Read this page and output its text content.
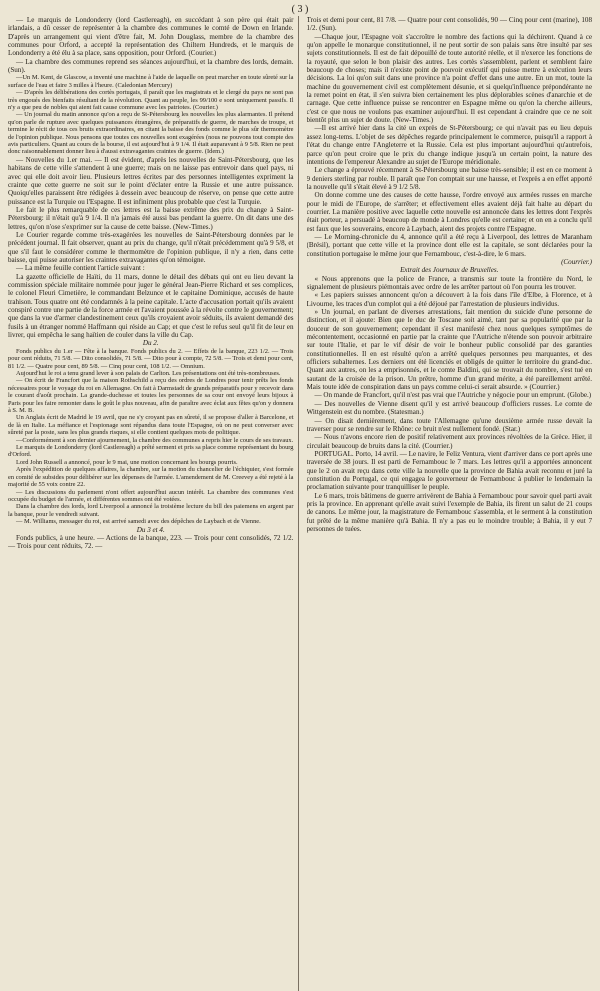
( 3 )

— Le marquis de Londonderry (lord Castlereagh), en succédant à son père qui était pair irlandais, a dû cesser de représenter à la chambre des communes le comté de Down en Irlande. D'après un arrangement qui vient d'être fait, M. John Douglass, membre de la chambre des communes pour Orford, a accepté la représentation des Chiltern Hundreds, et le marquis de Londonderry a été élu à sa place, sans opposition, pour Orford. (Courier.)

— La chambre des communes reprend ses séances aujourd'hui, et la chambre des lords, demain. (Sun).

—Un M. Kent, de Glascow, a inventé une machine à l'aide de laquelle on peut marcher en toute sûreté sur la surface de l'eau et faire 3 milles à l'heure. (Caledonian Mercury)

— D'après les délibérations des cortès portugais, il paraît que les magistrats et le clergé du pays ne sont pas très engoués des bienfaits résultant de la révolution. Quant au peuple, les 99/100 e sont uniquement passifs. Il n'y a que peu de nobles qui aient fait cause commune avec les patriotes. (Courier.)

— Un journal du matin annonce qu'on a reçu de St-Pétersbourg les nouvelles les plus alarmantes. Il prétend qu'on parle de rupture avec quelques puissances étrangères, de préparatifs de guerre, de marches de troupe, et termine le récit de tous ces bruits extraordinaires, en citant la baisse des fonds comme le plus sûr thermomètre de l'opinion publique. Nous pensons que toutes ces nouvelles sont exagérées (nous ne pouvons tout compte des avis particuliers. Quant au cours de la bourse, il est aujourd'hui à 9 1/4. Il était auparavant à 9 5/8. Rien ne peut donc raisonnablement donner lieu à d'aussi extravagantes craintes de guerre. (Idem.)

— Nouvelles du 1.er mai. — Il est évident, d'après les nouvelles de Saint-Pétersbourg, que les habitans de cette ville s'attendent à une guerre; mais on ne laisse pas entrevoir dans quel pays, ni avec qui elle doit avoir lieu. Plusieurs lettres écrites par des personnes intelligentes expriment la crainte que cette guerre ne soit sur le point d'éclater entre la Russie et une autre puissance. Quoiqu'elles paraissent être rédigées à dessein avec beaucoup de réserve, on pense que cette autre puissance est la Turquie ou l'Espagne. Il est infiniment plus probable que c'est la Turquie.

Le fait le plus remarquable de ces lettres est la baisse extrême des prix du change à Saint-Pétersbourg: il n'était qu'à 9 1/4. Il n'a jamais été aussi bas pendant la guerre. On dit dans une des lettres, qu'on n'ose s'exprimer sur la cause de cette baisse. (New-Times.)

Le Courier regarde comme très-exagérées les nouvelles de Saint-Pétersbourg données par le précédent journal. Il fait observer, quant au prix du change, qu'il n'était précédemment qu'à 9 5/8, et que s'il faut le considérer comme le thermomètre de l'opinion publique, il n'y a rien, dans cette baisse, qui puisse autoriser les craintes extravagantes qu'on témoigne.

— La même feuille contient l'article suivant :

La gazette officielle de Haïti, du 11 mars, donne le détail des débats qui ont eu lieu devant la commission spéciale militaire nommée pour juger le général Jean-Pierre Richard et ses complices, le colonel Fleuri Cimetière, le commandant Belzunce et le capitaine Dominique, accusés de haute trahison. Tous quatre ont été condamnés à la peine capitale. L'acte d'accusation portait qu'ils avaient conspiré contre une partie de la force armée et l'avaient poussée à la révolte contre le gouvernement; que dans la vue d'armer clandestinement ceux qu'ils croyaient avoir séduits, ils avaient demandé des fusils à un étranger nommé Haffmann qui réside au Cap; et que c'est le refus seul qu'il fit de leur en livrer, qui empêcha le sang haïtien de couler dans la ville du Cap.

Du 2.

Fonds publics du 1.er — Fête à la banque. Fonds publics du 2. — Effets de la banque, 223 1/2. — Trois pour cent réduits, 71 5/8. — Dito consolidés, 71 5/8. — Dito pour à compte, 72 5/8. — Trois et demi pour cent, 81 1/2. — Quatre pour cent, 89 5/8. — Cinq pour cent, 108 1/2. — Omnium.

Aujourd'hui le roi a tenu grand lever à son palais de Carlton. Les présentations ont été très-nombreuses.

— On écrit de Francfort que la maison Rothschild a reçu des ordres de Londres pour tenir prêts les fonds nécessaires pour le voyage du roi en Allemagne. On fait à Darmstadt de grands préparatifs pour y recevoir dans le courant d'août prochain. La grande-duchesse et toutes les personnes de sa cour ont envoyé leurs bijoux à Paris pour les faire remonter dans le goût le plus nouveau, afin de paraître avec éclat aux fêtes qu'on y donnera à S. M. B.

Un Anglais écrit de Madrid le 19 avril, que ne s'y croyant pas en sûreté, il se propose d'aller à Barcelone, et de là en Italie. La méfiance et l'espionage sont répandus dans toute l'Espagne, où on ne peut converser avec sûreté par la poste, sans les plus grands risques, si elle contient quelques mots de politique.

—Conformément à son dernier ajournement, la chambre des communes a repris hier le cours de ses travaux.

Le marquis de Londonderry (lord Castlereagh) a prêté serment et pris sa place comme représentant du bourg d'Orford.

Lord John Russell a annoncé, pour le 9 mai, une motion concernant les bourgs pourris.

Après l'expédition de quelques affaires, la chambre, sur la motion du chancelier de l'échiquier, s'est formée en comité de subsides pour délibérer sur les dépenses de l'armée. L'amendement de M. Creevey a été rejeté à la majorité de 55 voix contre 22.

— Les discussions du parlement n'ont offert aujourd'hui aucun intérêt. La chambre des communes s'est occupée du budget de l'armée, et différentes sommes ont été votées.

Dans la chambre des lords, lord Liverpool a annoncé la troisième lecture du bill des paiemens en argent par la banque, pour le vendredi suivant.

— M. Williams, messager du roi, est arrivé samedi avec des dépêches de Laybach et de Vienne.

Du 3 et 4.

Fonds publics, à une heure. — Actions de la banque, 223. — Trois pour cent consolidés, 72 1/2. — Trois pour cent réduits, 72. —

Trois et demi pour cent, 81 7/8. — Quatre pour cent consolidés, 90 — Cinq pour cent (marine), 108 1/2. (Sun).

—Chaque jour, l'Espagne voit s'accroître le nombre des factions qui la déchirent. Quand à ce qu'on appelle le monarque constitutionnel, il ne peut sortir de son palais sans être insulté par ses sujets constitutionnels. Il est de fait dépouillé de toute autorité réelle, et il n'exerce les fonctions de la royauté, que selon le bon plaisir des autres. Les cortès s'assemblent, parlent et semblent faire beaucoup de choses; mais il n'existe point de pouvoir exécutif qui puisse mettre à exécution leurs décisions. La loi qu'on suit dans une province n'a point d'effet dans une autre. En un mot, toute la machine du gouvernement civil est complètement désunie, et si quelqu'influence prépondérante ne la remet point en état, il s'en suivra bien certainement les plus déplorables scènes d'anarchie et de carnage. Que cette influence puisse se rencontrer en Espagne même ou qu'on la cherche ailleurs, c'est ce que nous ne voulons pas examiner aujourd'hui. Il est cependant à craindre que ce ne soit bientôt plus un sujet de doute. (New-Times.)

—Il est arrivé hier dans la cité un exprès de St-Pétersbourg; ce qui n'avait pas eu lieu depuis assez long-tems. L'objet de ses dépêches regarde principalement le commerce, puisqu'il a rapport à l'état du change entre l'Angleterre et la Russie. Cela est plus important aujourd'hui qu'autrefois, parce qu'on peut croire que le prix du change indique jusqu'à un certain point, la nature des intentions de l'empereur Alexandre au sujet de l'Europe méridionale.

Le change a éprouvé récemment à St-Pétersbourg une baisse très-sensible; il est en ce moment à 9 deniers sterling par rouble. Il paraît que l'on comptait sur une hausse, et l'exprès a en effet apporté la nouvelle qu'il s'était élevé à 9 1/2 5/8.

On donne comme une des causes de cette hausse, l'ordre envoyé aux armées russes en marche pour le midi de l'Europe, de s'arrêter; et effectivement elles avaient déjà fait halte au départ du courrier. La manière positive avec laquelle cette nouvelle est annoncée dans les lettres dont l'exprès était porteur, a persuadé à beaucoup de monde à Londres qu'elle est certaine; et on en a conclu qu'il est faux que les souverains, encore à Laybach, aient des projets contre l'Espagne.

— Le Morning-chronicle du 4, annonce qu'il a été reçu à Liverpool, des lettres de Maranham (Brésil), portant que cette ville et la province dont elle est la capitale, se sont déclarées pour la constitution portugaise le même jour que Fernambouc, c'est-à-dire, le 6 mars.

(Courrier.)

Extrait des Journaux de Bruxelles.

« Nous apprenons que la police de France, a transmis sur toute la frontière du Nord, le signalement de plusieurs piémontais avec ordre de les arrêter partout où l'on pourra les trouver.

« Les papiers suisses annoncent qu'on a découvert à la fois dans l'île d'Elbe, à Florence, et à Livourne, les traces d'un complot qui a été déjoué par l'arrestation de plusieurs individus.

» Un journal, en parlant de diverses arrestations, fait mention du suicide d'une personne de distinction, et il ajoute: Bien que le duc de Toscane soit aimé, tant par sa popularité que par la douceur de son gouvernement; cependant il s'est manifesté chez nous quelques symptômes de mécontentement, occasionné en partie par la crainte que l'Autriche n'étende son pouvoir arbitraire sur toute l'Italie, et par le vif désir de voir le bonheur public consolidé par des garanties constitutionnelles. Il en est résulté qu'on a arrêté quelques personnes peu marquantes, et des officiers subalternes. Les derniers ont été licenciés et obligés de quitter le territoire du grand-duc. Quant aux autres, on les a emprisonnés, et le comte Baldini, qui se trouvait du nombre, s'est tué en sautant de la croisée de la prison. Un prêtre, homme d'un grand mérite, a été pareillement arrêté. Mais toute idée de conspiration dans un pays comme celui-ci serait absurde. » (Courrier.)

— On mande de Francfort, qu'il n'est pas vrai que l'Autriche y négocie pour un emprunt. (Globe.)

— Des nouvelles de Vienne disent qu'il y est arrivé beaucoup d'officiers russes. Le comte de Wittgenstein est du nombre. (Statesman.)

— On disait dernièrement, dans toute l'Allemagne qu'une deuxième armée russe devait la traverser pour se rendre sur le Rhône: ce bruit n'est nullement fondé. (Star.)

— Nous n'avons encore rien de positif relativement aux provinces révoltées de la Grèce. Hier, il circulait beaucoup de bruits dans la cité. (Courrier.)

PORTUGAL. Porto, 14 avril. — Le navire, le Feliz Ventura, vient d'arriver dans ce port après une traversée de 38 jours. Il est parti de Fernambouc le 7 mars. Les lettres qu'il a apportées annoncent que le 2 on avait reçu dans cette ville la nouvelle que la province de Bahia avait reconnu et juré la constitution du Portugal, ce qui engagea le gouverneur de Fernambouc à publier le lendemain la proclamation suivante pour tranquilliser le peuple.

Le 6 mars, trois bâtimens de guerre arrivèrent de Bahia à Fernambouc pour savoir quel parti avait pris la province. En apprenant qu'elle avait suivi l'exemple de Bahia, ils firent un salut de 21 coups de canons. Le même jour, la magistrature de Fernambouc s'assembla, et le serment à la constitution fut prêté de la même manière qu'à Bahia. Il n'y a pas eu le moindre trouble; à Bahia, il y eut 7 personnes de tuées.
